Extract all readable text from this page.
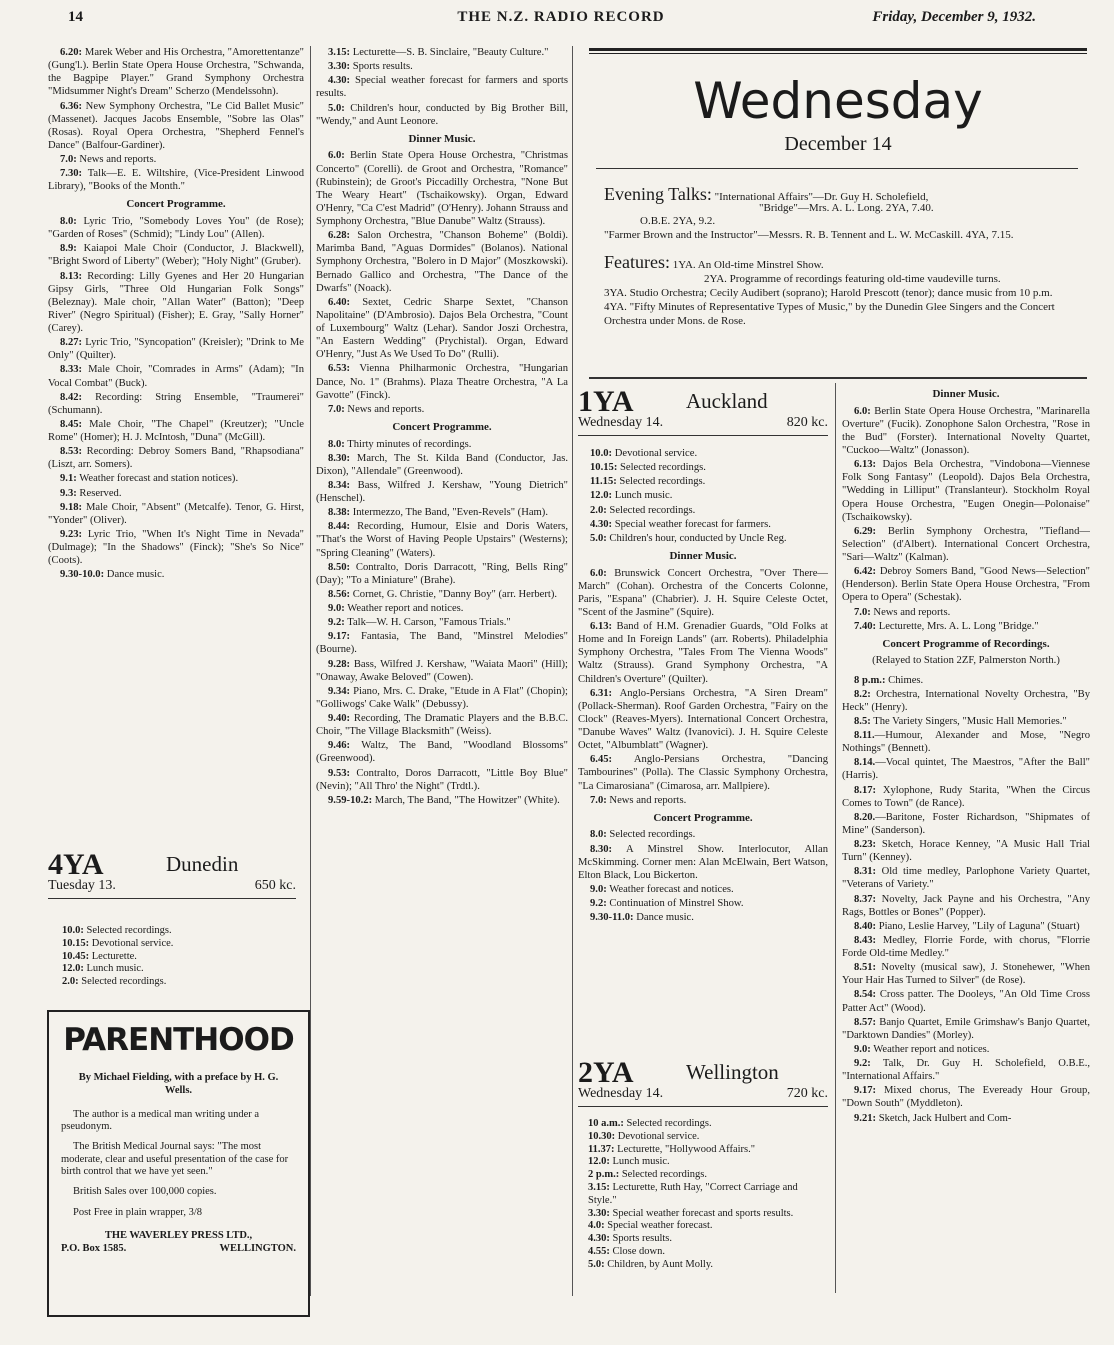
14	THE N.Z. RADIO RECORD	Friday, December 9, 1932.

6.20: Marek Weber and His Orchestra, "Amorettentanze" (Gung'l.). Berlin State Opera House Orchestra, "Schwanda, the Bagpipe Player." Grand Symphony Orchestra "Midsummer Night's Dream" Scherzo (Mendelssohn).

6.36: New Symphony Orchestra, "Le Cid Ballet Music" (Massenet). Jacques Jacobs Ensemble, "Sobre las Olas" (Rosas). Royal Opera Orchestra, "Shepherd Fennel's Dance" (Balfour-Gardiner).

7.0: News and reports.

7.30: Talk—E. E. Wiltshire, (Vice-President Linwood Library), "Books of the Month."

Concert Programme.

8.0: Lyric Trio, "Somebody Loves You" (de Rose); "Garden of Roses" (Schmid); "Lindy Lou" (Allen).

8.9: Kaiapoi Male Choir (Conductor, J. Blackwell), "Bright Sword of Liberty" (Weber); "Holy Night" (Gruber).

8.13: Recording: Lilly Gyenes and Her 20 Hungarian Gipsy Girls, "Three Old Hungarian Folk Songs" (Beleznay). Male choir, "Allan Water" (Batton); "Deep River" (Negro Spiritual) (Fisher); E. Gray, "Sally Horner" (Carey).

8.27: Lyric Trio, "Syncopation" (Kreisler); "Drink to Me Only" (Quilter).

8.33: Male Choir, "Comrades in Arms" (Adam); "In Vocal Combat" (Buck).

8.42: Recording: String Ensemble, "Traumerei" (Schumann).

8.45: Male Choir, "The Chapel" (Kreutzer); "Uncle Rome" (Homer); H. J. McIntosh, "Duna" (McGill).

8.53: Recording: Debroy Somers Band, "Rhapsodiana" (Liszt, arr. Somers).

9.1: Weather forecast and station notices).

9.3: Reserved.

9.18: Male Choir, "Absent" (Metcalfe). Tenor, G. Hirst, "Yonder" (Oliver).

9.23: Lyric Trio, "When It's Night Time in Nevada" (Dulmage); "In the Shadows" (Finck); "She's So Nice" (Coots).

9.30-10.0: Dance music.

4YA	Dunedin
Tuesday 13.	650 kc.

10.0: Selected recordings.

10.15: Devotional service.

10.45: Lecturette.

12.0: Lunch music.

2.0: Selected recordings.

PARENTHOOD
By Michael Fielding, with a preface by H. G. Wells.

The author is a medical man writing under a pseudonym.

The British Medical Journal says: "The most moderate, clear and useful presentation of the case for birth control that we have yet seen."

British Sales over 100,000 copies.

Post Free in plain wrapper, 3/8

THE WAVERLEY PRESS LTD.,
P.O. Box 1585.	WELLINGTON.

3.15: Lecturette—S. B. Sinclaire, "Beauty Culture."

3.30: Sports results.

4.30: Special weather forecast for farmers and sports results.

5.0: Children's hour, conducted by Big Brother Bill, "Wendy," and Aunt Leonore.

Dinner Music.

6.0: Berlin State Opera House Orchestra, "Christmas Concerto" (Corelli). de Groot and Orchestra, "Romance" (Rubinstein); de Groot's Piccadilly Orchestra, "None But The Weary Heart" (Tschaikowsky). Organ, Edward O'Henry, "Ca C'est Madrid" (O'Henry). Johann Strauss and Symphony Orchestra, "Blue Danube" Waltz (Strauss).

6.28: Salon Orchestra, "Chanson Boheme" (Boldi). Marimba Band, "Aguas Dormides" (Bolanos). National Symphony Orchestra, "Bolero in D Major" (Moszkowski). Bernado Gallico and Orchestra, "The Dance of the Dwarfs" (Noack).

6.40: Sextet, Cedric Sharpe Sextet, "Chanson Napolitaine" (D'Ambrosio). Dajos Bela Orchestra, "Count of Luxembourg" Waltz (Lehar). Sandor Joszi Orchestra, "An Eastern Wedding" (Prychistal). Organ, Edward O'Henry, "Just As We Used To Do" (Rulli).

6.53: Vienna Philharmonic Orchestra, "Hungarian Dance, No. 1" (Brahms). Plaza Theatre Orchestra, "A La Gavotte" (Finck).

7.0: News and reports.

Concert Programme.

8.0: Thirty minutes of recordings.

8.30: March, The St. Kilda Band (Conductor, Jas. Dixon), "Allendale" (Greenwood).

8.34: Bass, Wilfred J. Kershaw, "Young Dietrich" (Henschel).

8.38: Intermezzo, The Band, "Even-Revels" (Ham).

8.44: Recording, Humour, Elsie and Doris Waters, "That's the Worst of Having People Upstairs" (Westerns); "Spring Cleaning" (Waters).

8.50: Contralto, Doris Darracott, "Ring, Bells Ring" (Day); "To a Miniature" (Brahe).

8.56: Cornet, G. Christie, "Danny Boy" (arr. Herbert).

9.0: Weather report and notices.

9.2: Talk—W. H. Carson, "Famous Trials."

9.17: Fantasia, The Band, "Minstrel Melodies" (Bourne).

9.28: Bass, Wilfred J. Kershaw, "Waiata Maori" (Hill); "Onaway, Awake Beloved" (Cowen).

9.34: Piano, Mrs. C. Drake, "Etude in A Flat" (Chopin); "Golliwogs' Cake Walk" (Debussy).

9.40: Recording, The Dramatic Players and the B.B.C. Choir, "The Village Blacksmith" (Weiss).

9.46: Waltz, The Band, "Woodland Blossoms" (Greenwood).

9.53: Contralto, Doros Darracott, "Little Boy Blue" (Nevin); "All Thro' the Night" (Trdtl.).

9.59-10.2: March, The Band, "The Howitzer" (White).

Wednesday
December 14
Evening Talks: "International Affairs"—Dr. Guy H. Scholefield,
"Bridge"—Mrs. A. L. Long. 2YA, 7.40.
O.B.E. 2YA, 9.2.
"Farmer Brown and the Instructor"—Messrs. R. B. Tennent and L. W. McCaskill. 4YA, 7.15.
Features: 1YA. An Old-time Minstrel Show.
2YA. Programme of recordings featuring old-time vaudeville turns.
3YA. Studio Orchestra; Cecily Audibert (soprano); Harold Prescott (tenor); dance music from 10 p.m.
4YA. "Fifty Minutes of Representative Types of Music," by the Dunedin Glee Singers and the Concert Orchestra under Mons. de Rose.
1YA Auckland
Wednesday 14.	820 kc.

10.0: Devotional service.

10.15: Selected recordings.

11.15: Selected recordings.

12.0: Lunch music.

2.0: Selected recordings.

4.30: Special weather forecast for farmers.

5.0: Children's hour, conducted by Uncle Reg.

Dinner Music.

6.0: Brunswick Concert Orchestra, "Over There—March" (Cohan). Orchestra of the Concerts Colonne, Paris, "Espana" (Chabrier). J. H. Squire Celeste Octet, "Scent of the Jasmine" (Squire).

6.13: Band of H.M. Grenadier Guards, "Old Folks at Home and In Foreign Lands" (arr. Roberts). Philadelphia Symphony Orchestra, "Tales From The Vienna Woods" Waltz (Strauss). Grand Symphony Orchestra, "A Children's Overture" (Quilter).

6.31: Anglo-Persians Orchestra, "A Siren Dream" (Pollack-Sherman). Roof Garden Orchestra, "Fairy on the Clock" (Reaves-Myers). International Concert Orchestra, "Danube Waves" Waltz (Ivanovici). J. H. Squire Celeste Octet, "Albumblatt" (Wagner).

6.45: Anglo-Persians Orchestra, "Dancing Tambourines" (Polla). The Classic Symphony Orchestra, "La Cimarosiana" (Cimarosa, arr. Mallpiere).

7.0: News and reports.

Concert Programme.

8.0: Selected recordings.

8.30: A Minstrel Show. Interlocutor, Allan McSkimming. Corner men: Alan McElwain, Bert Watson, Elton Black, Lou Bickerton.

9.0: Weather forecast and notices.

9.2: Continuation of Minstrel Show.

9.30-11.0: Dance music.

2YA Wellington
Wednesday 14.	720 kc.

10 a.m.: Selected recordings.

10.30: Devotional service.

11.37: Lecturette, "Hollywood Affairs."

12.0: Lunch music.

2 p.m.: Selected recordings.

3.15: Lecturette, Ruth Hay, "Correct Carriage and Style."

3.30: Special weather forecast and sports results.

4.0: Special weather forecast.

4.30: Sports results.

4.55: Close down.

5.0: Children, by Aunt Molly.

Dinner Music.

6.0: Berlin State Opera House Orchestra, "Marinarella Overture" (Fucik). Zonophone Salon Orchestra, "Rose in the Bud" (Forster). International Novelty Quartet, "Cuckoo—Waltz" (Jonasson).

6.13: Dajos Bela Orchestra, "Vindobona—Viennese Folk Song Fantasy" (Leopold). Dajos Bela Orchestra, "Wedding in Lilliput" (Translanteur). Stockholm Royal Opera House Orchestra, "Eugen Onegin—Polonaise" (Tschaikowsky).

6.29: Berlin Symphony Orchestra, "Tiefland—Selection" (d'Albert). International Concert Orchestra, "Sari—Waltz" (Kalman).

6.42: Debroy Somers Band, "Good News—Selection" (Henderson). Berlin State Opera House Orchestra, "From Opera to Opera" (Schestak).

7.0: News and reports.

7.40: Lecturette, Mrs. A. L. Long "Bridge."

Concert Programme of Recordings.

(Relayed to Station 2ZF, Palmerston North.)

8 p.m.: Chimes.

8.2: Orchestra, International Novelty Orchestra, "By Heck" (Henry).

8.5: The Variety Singers, "Music Hall Memories."

8.11.—Humour, Alexander and Mose, "Negro Nothings" (Bennett).

8.14.—Vocal quintet, The Maestros, "After the Ball" (Harris).

8.17: Xylophone, Rudy Starita, "When the Circus Comes to Town" (de Rance).

8.20.—Baritone, Foster Richardson, "Shipmates of Mine" (Sanderson).

8.23: Sketch, Horace Kenney, "A Music Hall Trial Turn" (Kenney).

8.31: Old time medley, Parlophone Variety Quartet, "Veterans of Variety."

8.37: Novelty, Jack Payne and his Orchestra, "Any Rags, Bottles or Bones" (Popper).

8.40: Piano, Leslie Harvey, "Lily of Laguna" (Stuart)

8.43: Medley, Florrie Forde, with chorus, "Florrie Forde Old-time Medley."

8.51: Novelty (musical saw), J. Stonehewer, "When Your Hair Has Turned to Silver" (de Rose).

8.54: Cross patter. The Dooleys, "An Old Time Cross Patter Act" (Wood).

8.57: Banjo Quartet, Emile Grimshaw's Banjo Quartet, "Darktown Dandies" (Morley).

9.0: Weather report and notices.

9.2: Talk, Dr. Guy H. Scholefield, O.B.E., "International Affairs."

9.17: Mixed chorus, The Eveready Hour Group, "Down South" (Myddleton).

9.21: Sketch, Jack Hulbert and Com-
